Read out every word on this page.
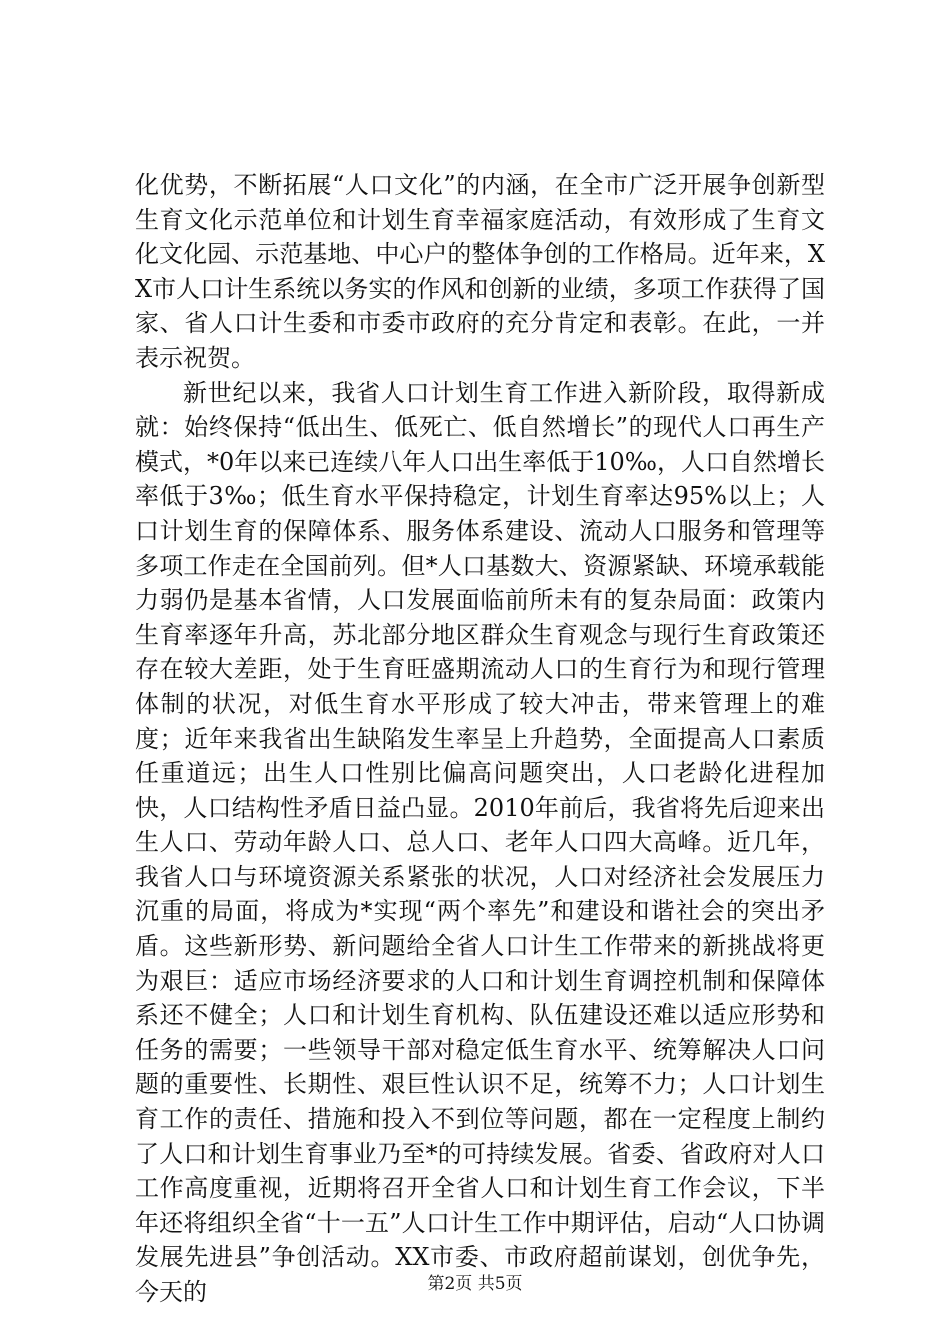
化优势，不断拓展“人口文化”的内涵，在全市广泛开展争创新型生育文化示范单位和计划生育幸福家庭活动，有效形成了生育文化文化园、示范基地、中心户的整体争创的工作格局。近年来，XX市人口计生系统以务实的作风和创新的业绩，多项工作获得了国家、省人口计生委和市委市政府的充分肯定和表彰。在此，一并表示祝贺。

新世纪以来，我省人口计划生育工作进入新阶段，取得新成就：始终保持“低出生、低死亡、低自然增长”的现代人口再生产模式，*0年以来已连续八年人口出生率低于10‰，人口自然增长率低于3‰；低生育水平保持稳定，计划生育率达95%以上；人口计划生育的保障体系、服务体系建设、流动人口服务和管理等多项工作走在全国前列。但*人口基数大、资源紧缺、环境承载能力弱仍是基本省情，人口发展面临前所未有的复杂局面：政策内生育率逐年升高，苏北部分地区群众生育观念与现行生育政策还存在较大差距，处于生育旺盛期流动人口的生育行为和现行管理体制的状况，对低生育水平形成了较大冲击，带来管理上的难度；近年来我省出生缺陷发生率呈上升趋势，全面提高人口素质任重道远；出生人口性别比偏高问题突出，人口老龄化进程加快，人口结构性矛盾日益凸显。2010年前后，我省将先后迎来出生人口、劳动年龄人口、总人口、老年人口四大高峰。近几年，我省人口与环境资源关系紧张的状况，人口对经济社会发展压力沉重的局面，将成为*实现“两个率先”和建设和谐社会的突出矛盾。这些新形势、新问题给全省人口计生工作带来的新挑战将更为艰巨：适应市场经济要求的人口和计划生育调控机制和保障体系还不健全；人口和计划生育机构、队伍建设还难以适应形势和任务的需要；一些领导干部对稳定低生育水平、统筹解决人口问题的重要性、长期性、艰巨性认识不足，统筹不力；人口计划生育工作的责任、措施和投入不到位等问题，都在一定程度上制约了人口和计划生育事业乃至*的可持续发展。省委、省政府对人口工作高度重视，近期将召开全省人口和计划生育工作会议，下半年还将组织全省“十一五”人口计生工作中期评估，启动“人口协调发展先进县”争创活动。XX市委、市政府超前谋划，创优争先，今天的	第2页 共5页
